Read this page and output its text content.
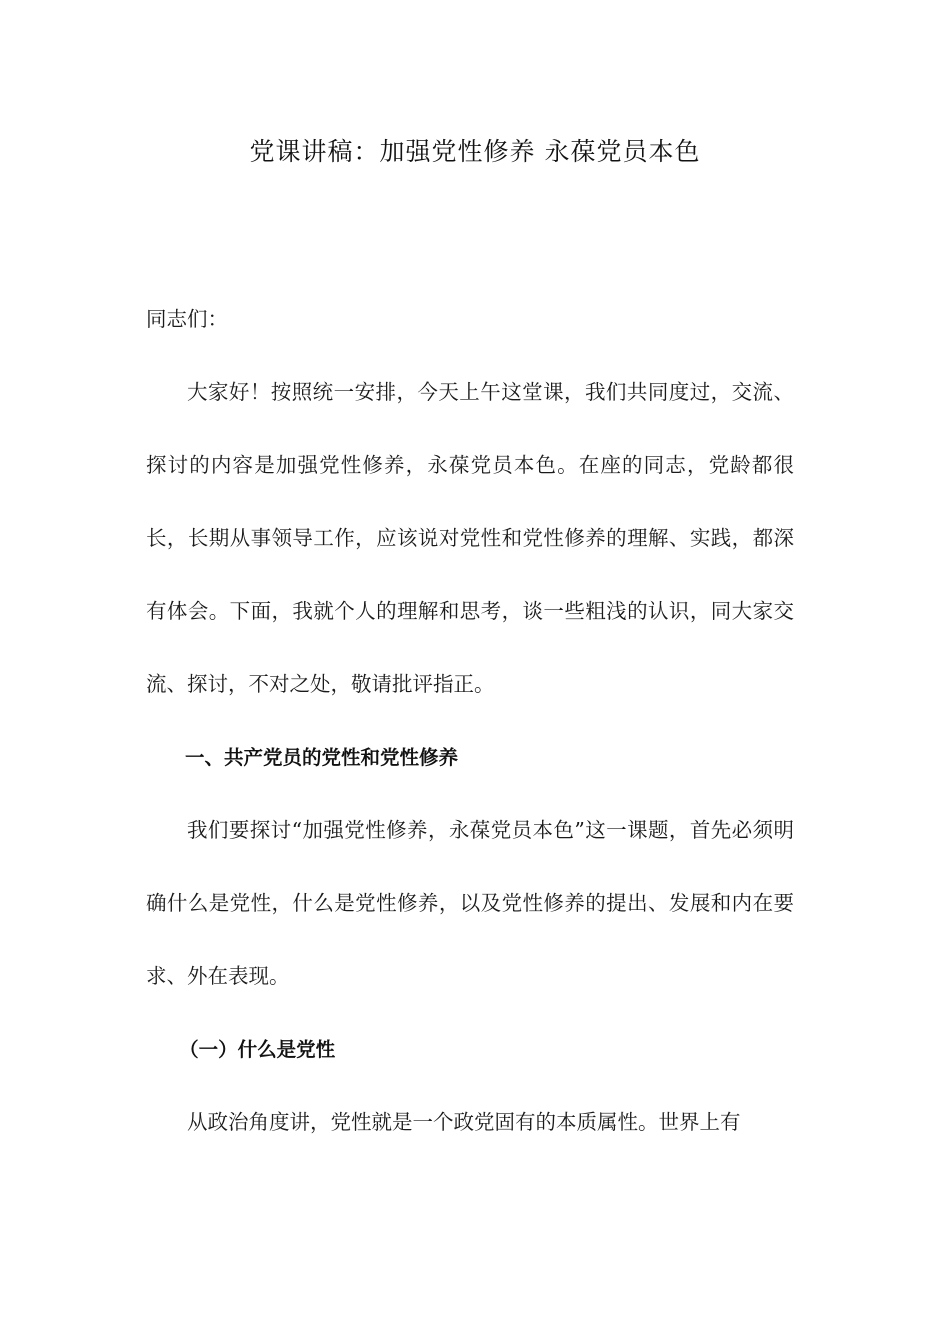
党课讲稿：加强党性修养 永葆党员本色

同志们：

大家好！按照统一安排，今天上午这堂课，我们共同度过，交流、探讨的内容是加强党性修养，永葆党员本色。在座的同志，党龄都很长，长期从事领导工作，应该说对党性和党性修养的理解、实践，都深有体会。下面，我就个人的理解和思考，谈一些粗浅的认识，同大家交流、探讨，不对之处，敬请批评指正。

一、共产党员的党性和党性修养

我们要探讨“加强党性修养，永葆党员本色”这一课题，首先必须明确什么是党性，什么是党性修养，以及党性修养的提出、发展和内在要求、外在表现。

（一）什么是党性

从政治角度讲，党性就是一个政党固有的本质属性。世界上有
